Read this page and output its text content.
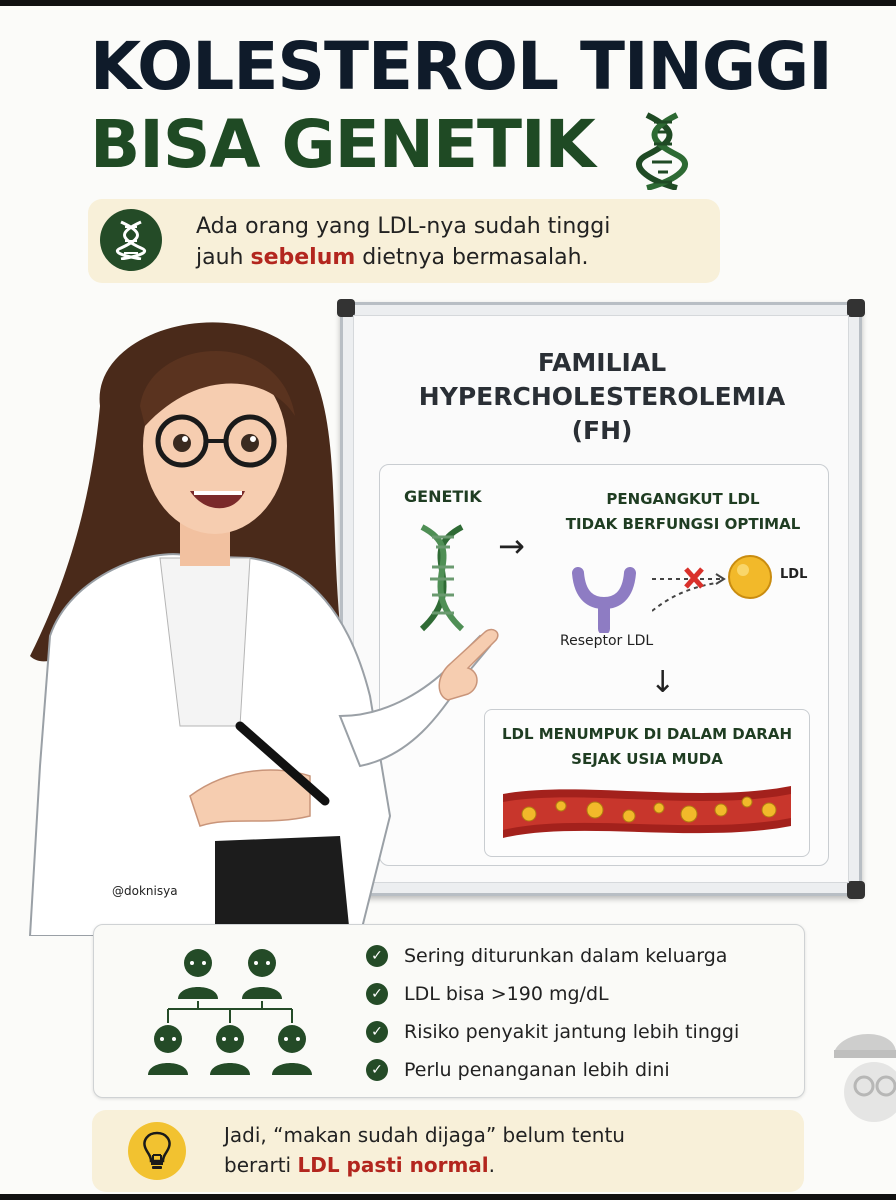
KOLESTEROL TINGGI
BISA GENETIK
Ada orang yang LDL-nya sudah tinggi
jauh sebelum dietnya bermasalah.
FAMILIAL
HYPERCHOLESTEROLEMIA
(FH)
GENETIK
→
PENGANGKUT LDL
TIDAK BERFUNGSI OPTIMAL
LDL
Reseptor LDL
↓
LDL MENUMPUK DI DALAM DARAH
SEJAK USIA MUDA
@doknisya
✓ Sering diturunkan dalam keluarga
✓ LDL bisa >190 mg/dL
✓ Risiko penyakit jantung lebih tinggi
✓ Perlu penanganan lebih dini
Jadi, “makan sudah dijaga” belum tentu
berarti LDL pasti normal.
